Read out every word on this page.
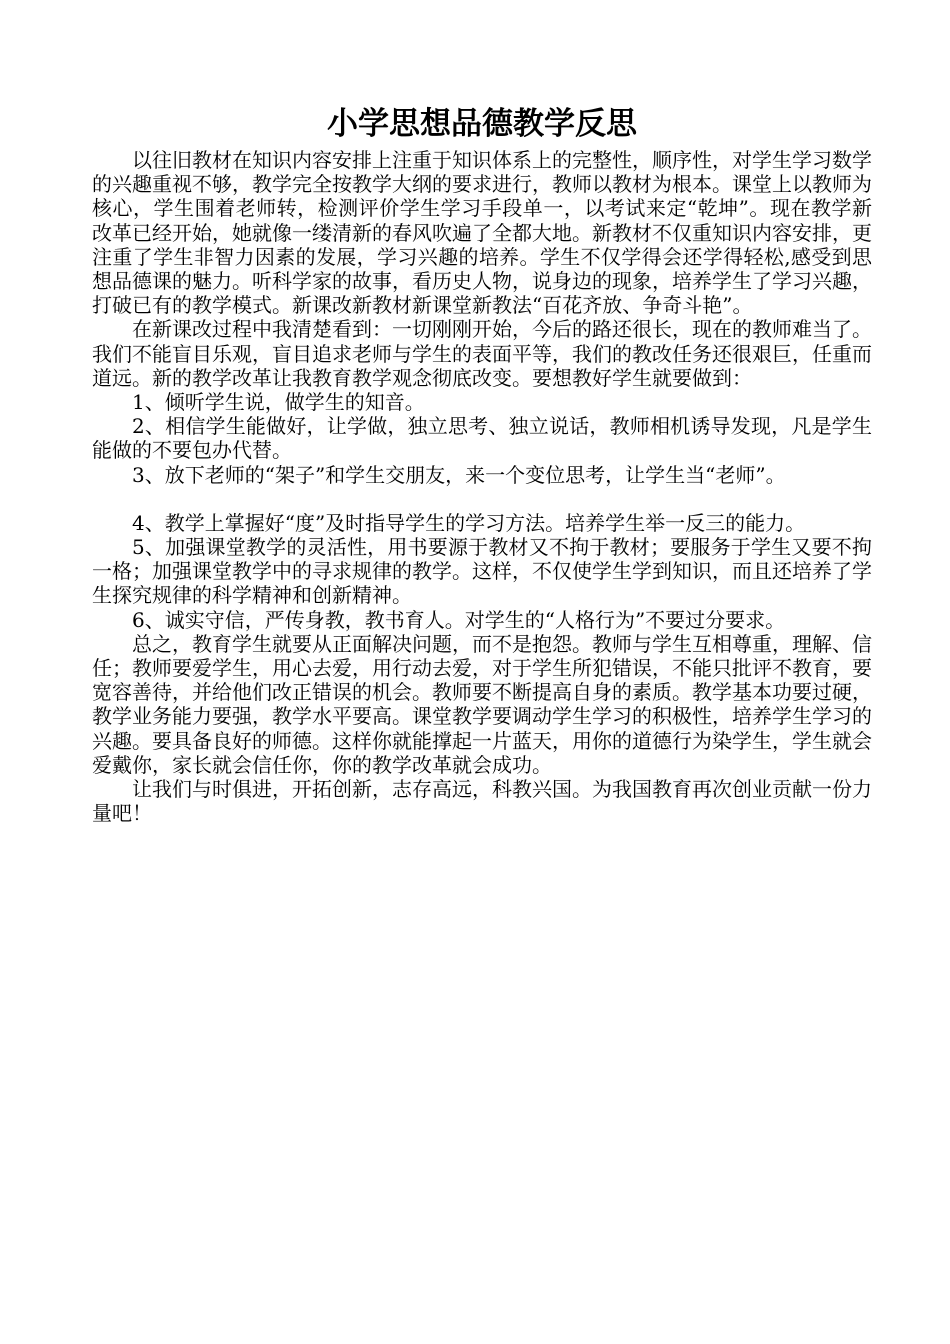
小学思想品德教学反思

以往旧教材在知识内容安排上注重于知识体系上的完整性，顺序性，对学生学习数学的兴趣重视不够，教学完全按教学大纲的要求进行，教师以教材为根本。课堂上以教师为核心，学生围着老师转，检测评价学生学习手段单一，以考试来定“乾坤”。现在教学新改革已经开始，她就像一缕清新的春风吹遍了全都大地。新教材不仅重知识内容安排，更注重了学生非智力因素的发展，学习兴趣的培养。学生不仅学得会还学得轻松,感受到思想品德课的魅力。听科学家的故事，看历史人物，说身边的现象，培养学生了学习兴趣，打破已有的教学模式。新课改新教材新课堂新教法“百花齐放、争奇斗艳”。

在新课改过程中我清楚看到：一切刚刚开始，今后的路还很长，现在的教师难当了。我们不能盲目乐观，盲目追求老师与学生的表面平等，我们的教改任务还很艰巨，任重而道远。新的教学改革让我教育教学观念彻底改变。要想教好学生就要做到：

1、倾听学生说，做学生的知音。

2、相信学生能做好，让学做，独立思考、独立说话，教师相机诱导发现，凡是学生能做的不要包办代替。

3、放下老师的“架子”和学生交朋友，来一个变位思考，让学生当“老师”。

4、教学上掌握好“度”及时指导学生的学习方法。培养学生举一反三的能力。

5、加强课堂教学的灵活性，用书要源于教材又不拘于教材；要服务于学生又要不拘一格；加强课堂教学中的寻求规律的教学。这样，不仅使学生学到知识，而且还培养了学生探究规律的科学精神和创新精神。

6、诚实守信，严传身教，教书育人。对学生的“人格行为”不要过分要求。

总之，教育学生就要从正面解决问题，而不是抱怨。教师与学生互相尊重，理解、信任；教师要爱学生，用心去爱，用行动去爱，对于学生所犯错误，不能只批评不教育，要宽容善待，并给他们改正错误的机会。教师要不断提高自身的素质。教学基本功要过硬，教学业务能力要强，教学水平要高。课堂教学要调动学生学习的积极性，培养学生学习的兴趣。要具备良好的师德。这样你就能撑起一片蓝天，用你的道德行为染学生，学生就会爱戴你，家长就会信任你，你的教学改革就会成功。

让我们与时俱进，开拓创新，志存高远，科教兴国。为我国教育再次创业贡献一份力量吧！
